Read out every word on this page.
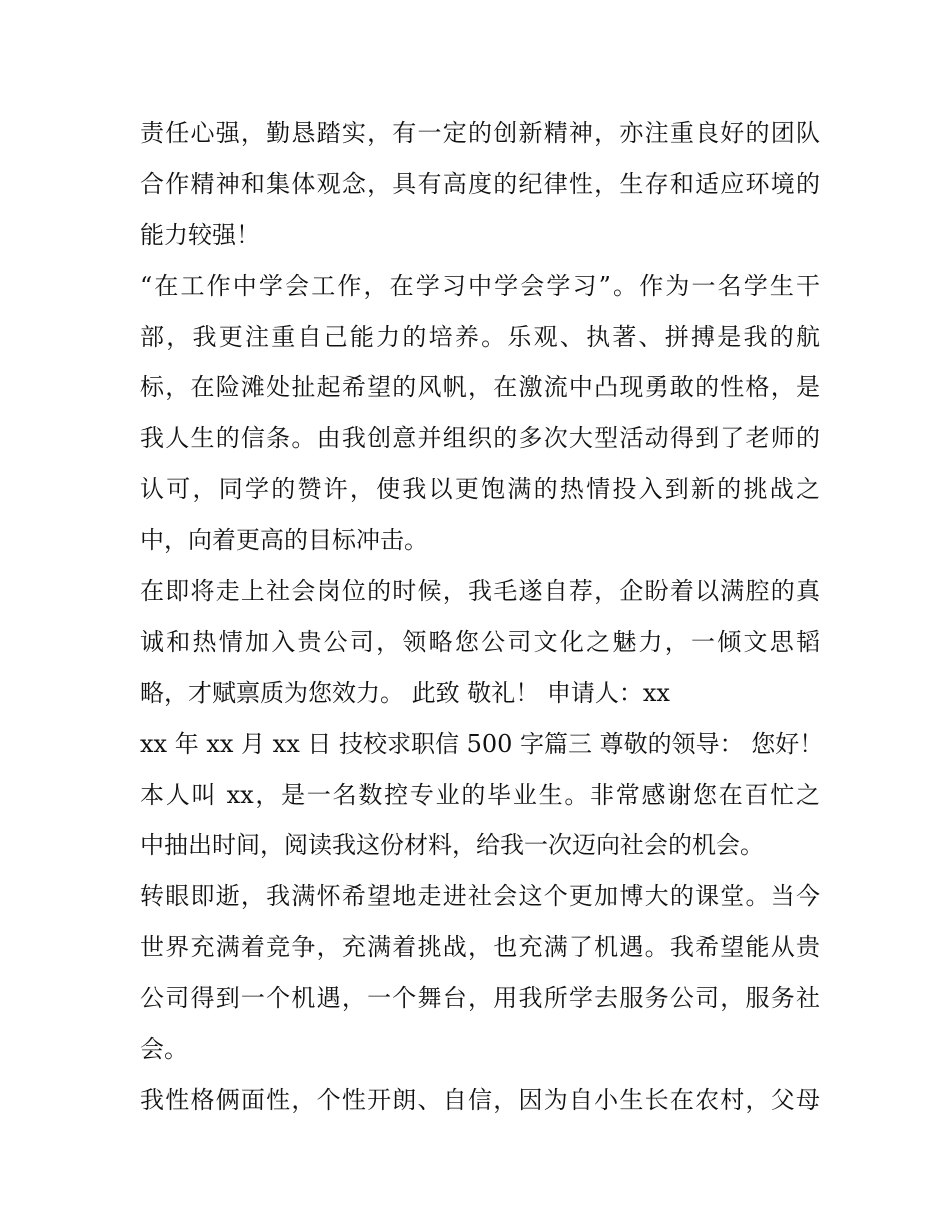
责任心强，勤恳踏实，有一定的创新精神，亦注重良好的团队
合作精神和集体观念，具有高度的纪律性，生存和适应环境的
能力较强！
“在工作中学会工作，在学习中学会学习”。作为一名学生干
部，我更注重自己能力的培养。乐观、执著、拼搏是我的航
标，在险滩处扯起希望的风帆，在激流中凸现勇敢的性格，是
我人生的信条。由我创意并组织的多次大型活动得到了老师的
认可，同学的赞许，使我以更饱满的热情投入到新的挑战之
中，向着更高的目标冲击。
在即将走上社会岗位的时候，我毛遂自荐，企盼着以满腔的真
诚和热情加入贵公司，领略您公司文化之魅力，一倾文思韬
略，才赋禀质为您效力。 此致 敬礼！ 申请人：xx
xx 年 xx 月 xx 日 技校求职信 500 字篇三 尊敬的领导： 您好！
本人叫 xx，是一名数控专业的毕业生。非常感谢您在百忙之
中抽出时间，阅读我这份材料，给我一次迈向社会的机会。
转眼即逝，我满怀希望地走进社会这个更加博大的课堂。当今
世界充满着竞争，充满着挑战，也充满了机遇。我希望能从贵
公司得到一个机遇，一个舞台，用我所学去服务公司，服务社
会。
我性格俩面性，个性开朗、自信，因为自小生长在农村，父母
